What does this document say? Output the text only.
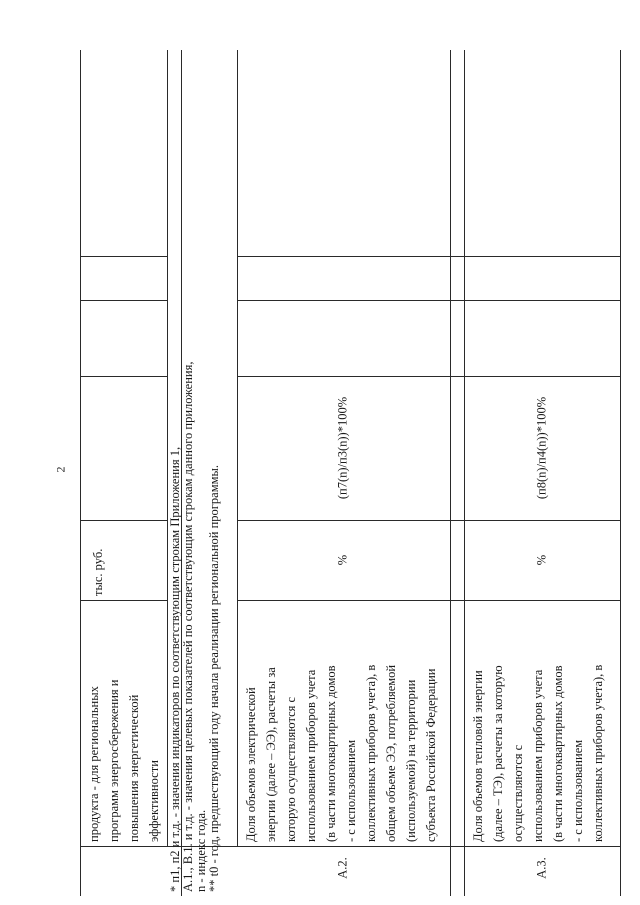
2
продукта - для региональных программ энергосбережения и повышения энергетической эффективности
тыс. руб.	* п1, п2 и т.д. - значения индикаторов по соответствующим строкам Приложения 1, А.1., В.1. и т.д. - значения целевых показателей по соответствующим строкам данного приложения, n - индекс года. ** t0 - год, предшествующий году начала реализации региональной программы.	А.2.
Доля объемов электрической энергии (далее – ЭЭ), расчеты за которую осуществляются с использованием приборов учета (в части многоквартирных домов - с использованием коллективных приборов учета), в общем объеме ЭЭ, потребляемой (используемой) на территории субъекта Российской Федерации
%
(п7(n)/п3(n))*100%
А.3.
Доля объемов тепловой энергии (далее – ТЭ), расчеты за которую осуществляются с использованием приборов учета (в части многоквартирных домов - с использованием коллективных приборов учета), в
%
(п8(n)/п4(n))*100%
